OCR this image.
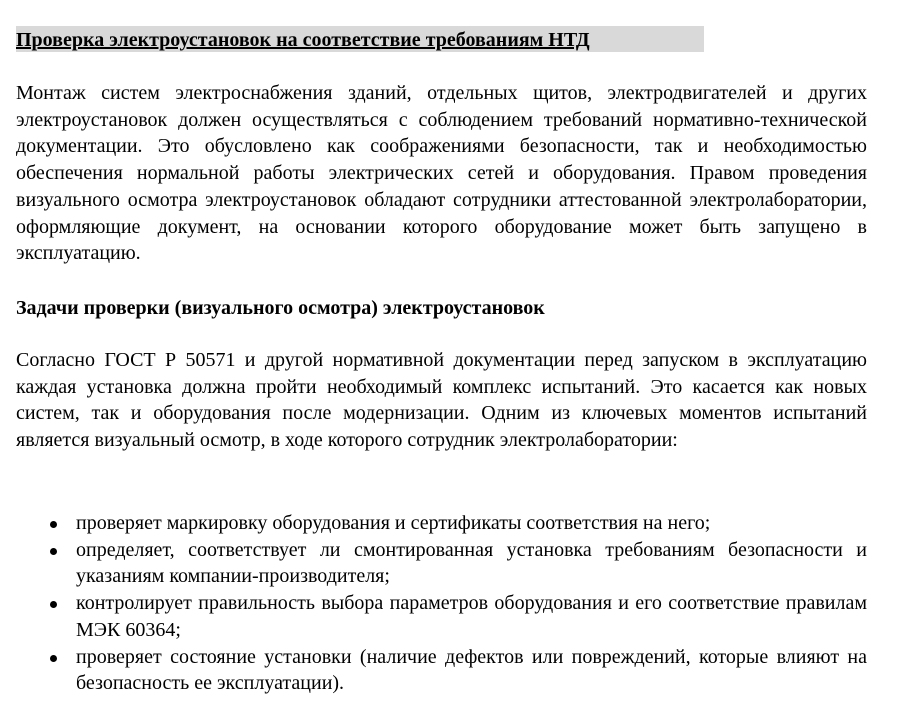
Проверка электроустановок на соответствие требованиям НТД
Монтаж систем электроснабжения зданий, отдельных щитов, электродвигателей и других электроустановок должен осуществляться с соблюдением требований нормативно-технической документации. Это обусловлено как соображениями безопасности, так и необходимостью обеспечения нормальной работы электрических сетей и оборудования. Правом проведения визуального осмотра электроустановок обладают сотрудники аттестованной электролаборатории, оформляющие документ, на основании которого оборудование может быть запущено в эксплуатацию.
Задачи проверки (визуального осмотра) электроустановок
Согласно ГОСТ Р 50571 и другой нормативной документации перед запуском в эксплуатацию каждая установка должна пройти необходимый комплекс испытаний. Это касается как новых систем, так и оборудования после модернизации. Одним из ключевых моментов испытаний является визуальный осмотр, в ходе которого сотрудник электролаборатории:
проверяет маркировку оборудования и сертификаты соответствия на него;
определяет, соответствует ли смонтированная установка требованиям безопасности и указаниям компании-производителя;
контролирует правильность выбора параметров оборудования и его соответствие правилам МЭК 60364;
проверяет состояние установки (наличие дефектов или повреждений, которые влияют на безопасность ее эксплуатации).
